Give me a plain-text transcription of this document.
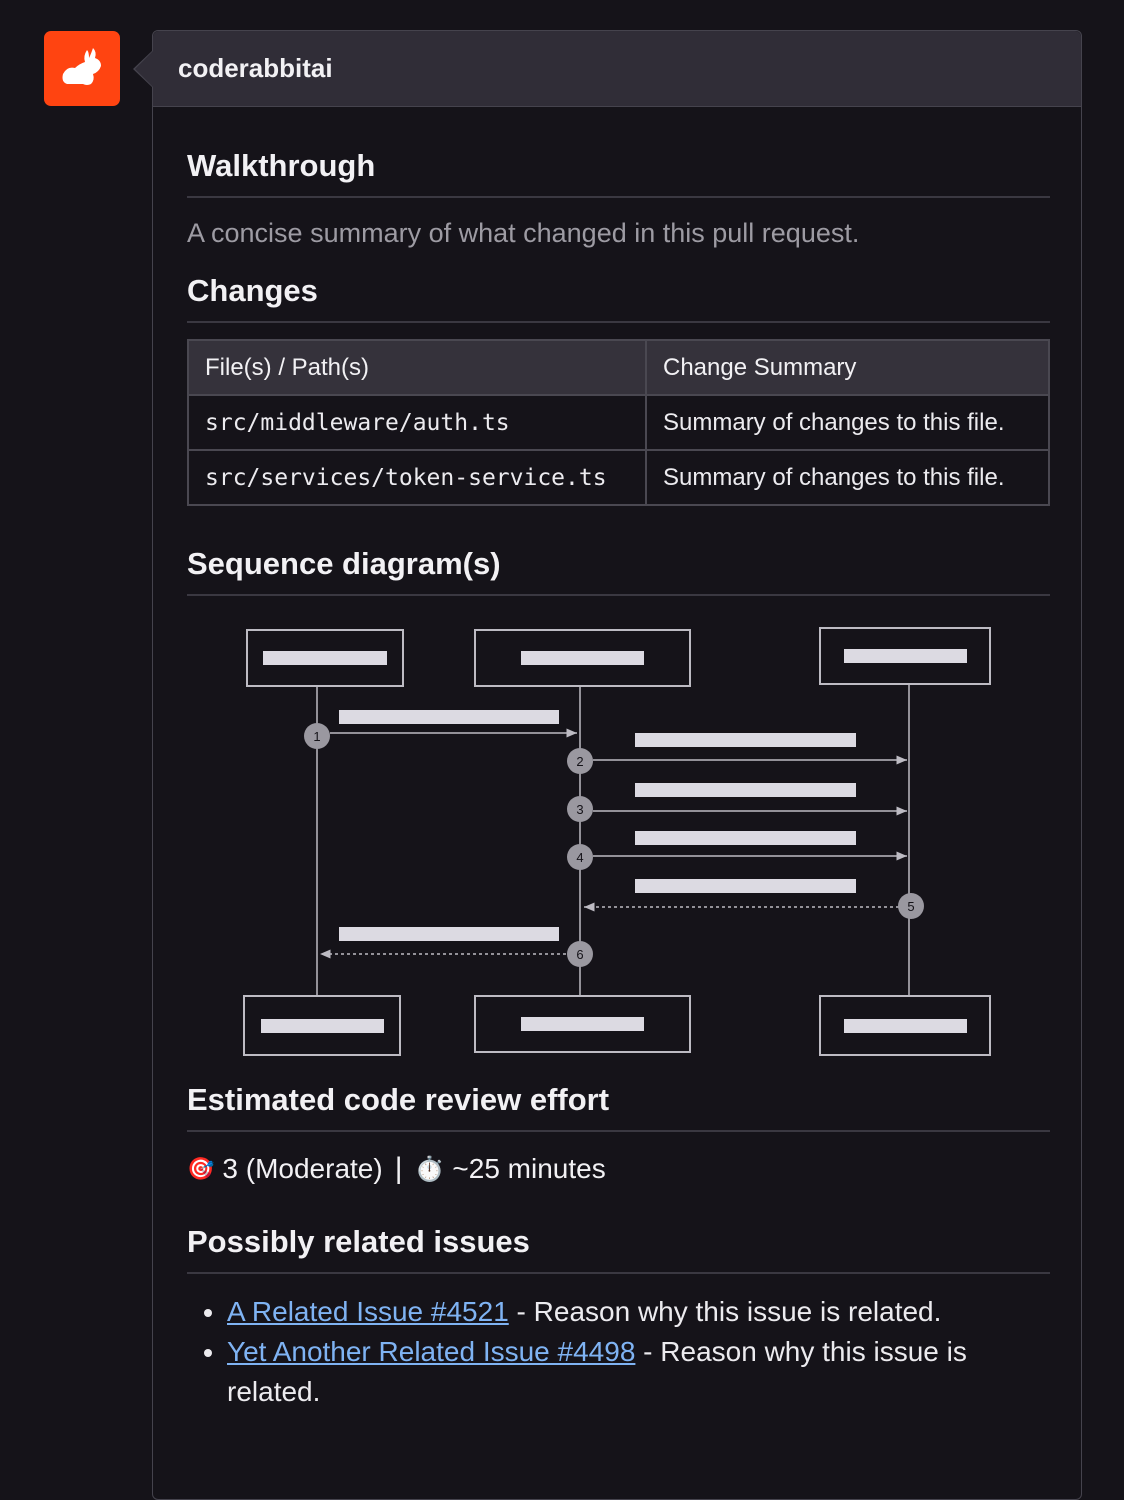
coderabbitai
Walkthrough

A concise summary of what changed in this pull request.

Changes
File(s) / Path(s)	Change Summary
src/middleware/auth.ts	Summary of changes to this file.
src/services/token-service.ts	Summary of changes to this file.
Sequence diagram(s)
1
2
3
4
5
6
Estimated code review effort
🎯 3 (Moderate) | ⏱️ ~25 minutes
Possibly related issues
• A Related Issue #4521 - Reason why this issue is related.
• Yet Another Related Issue #4498 - Reason why this issue is related.
